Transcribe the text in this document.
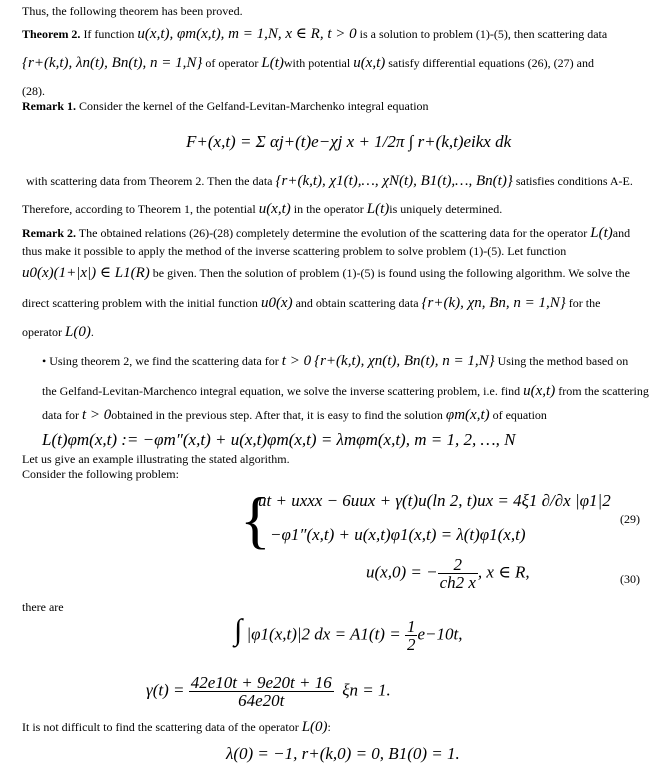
Thus, the following theorem has been proved.
Theorem 2. If function u(x,t), φm(x,t), m = 1,N, x ∈ R, t > 0 is a solution to problem (1)-(5), then scattering data
{r+(k,t), λn(t), Bn(t), n = 1,N} of operator L(t)with potential u(x,t) satisfy differential equations (26), (27) and
(28).
Remark 1. Consider the kernel of the Gelfand-Levitan-Marchenko integral equation
F+(x,t) = Σ αj+(t)e−χj x + 1/2π ∫ r+(k,t)eikx dk
with scattering data from Theorem 2. Then the data {r+(k,t), χ1(t),…, χN(t), B1(t),…, Bn(t)} satisfies conditions A-E.
Therefore, according to Theorem 1, the potential u(x,t) in the operator L(t)is uniquely determined.
Remark 2. The obtained relations (26)-(28) completely determine the evolution of the scattering data for the operator L(t)and
thus make it possible to apply the method of the inverse scattering problem to solve problem (1)-(5). Let function
u0(x)(1+|x|) ∈ L1(R) be given. Then the solution of problem (1)-(5) is found using the following algorithm. We solve the
direct scattering problem with the initial function u0(x) and obtain scattering data {r+(k), χn, Bn, n = 1,N} for the
operator L(0).
• Using theorem 2, we find the scattering data for t > 0 {r+(k,t), χn(t), Bn(t), n = 1,N} Using the method based on
the Gelfand-Levitan-Marchenco integral equation, we solve the inverse scattering problem, i.e. find u(x,t) from the scattering
data for t > 0obtained in the previous step. After that, it is easy to find the solution φm(x,t) of equation
L(t)φm(x,t) := −φm″(x,t) + u(x,t)φm(x,t) = λmφm(x,t), m = 1, 2, …, N
Let us give an example illustrating the stated algorithm.
Consider the following problem:
{
ut + uxxx − 6uux + γ(t)u(ln 2, t)ux = 4ξ1 ∂/∂x |φ1|2
−φ1″(x,t) + u(x,t)φ1(x,t) = λ(t)φ1(x,t)
(29)
u(x,0) = − $\frac{2}{ch2 x}$ , x ∈ R,	(30)
there are
∫ |φ1(x,t)|2 dx = $A1(t) = \frac{1}{2} e-10t$,
$\gamma(t) = \frac{42e10t + 9e20t + 16}{64e20t}$ ξn = 1.
It is not difficult to find the scattering data of the operator L(0):
λ(0) = −1, r+(k,0) = 0, B1(0) = 1.
